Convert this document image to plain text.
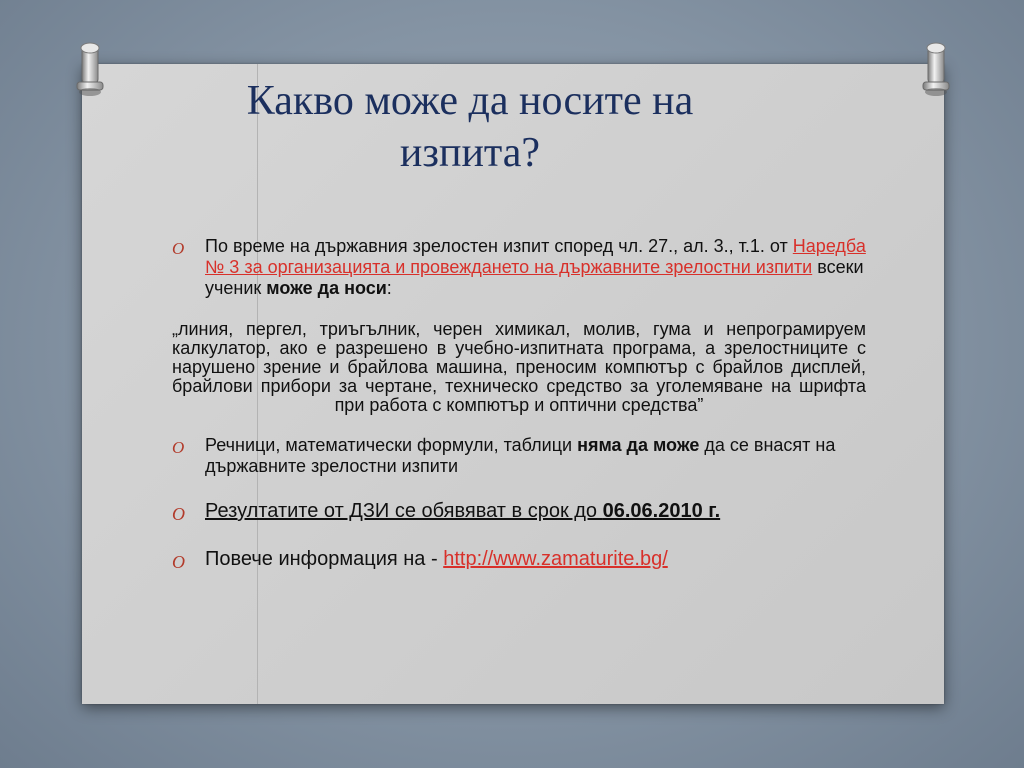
Какво може да носите на
изпита?
O По време на държавния зрелостен изпит според чл. 27., ал. 3., т.1. от Наредба № 3 за организацията и провеждането на държавните зрелостни изпити всеки ученик може да носи:
„линия, пергел, триъгълник, черен химикал, молив, гума и непрограмируем калкулатор, ако е разрешено в учебно-изпитната програма, а зрелостниците с нарушено зрение и брайлова машина, преносим компютър с брайлов дисплей, брайлови прибори за чертане, техническо средство за уголемяване на шрифта при работа с компютър и оптични средства”
O Речници, математически формули, таблици няма да може да се внасят на държавните зрелостни изпити
O Резултатите от ДЗИ се обявяват в срок до 06.06.2010 г.
O Повече информация на - http://www.zamaturite.bg/
